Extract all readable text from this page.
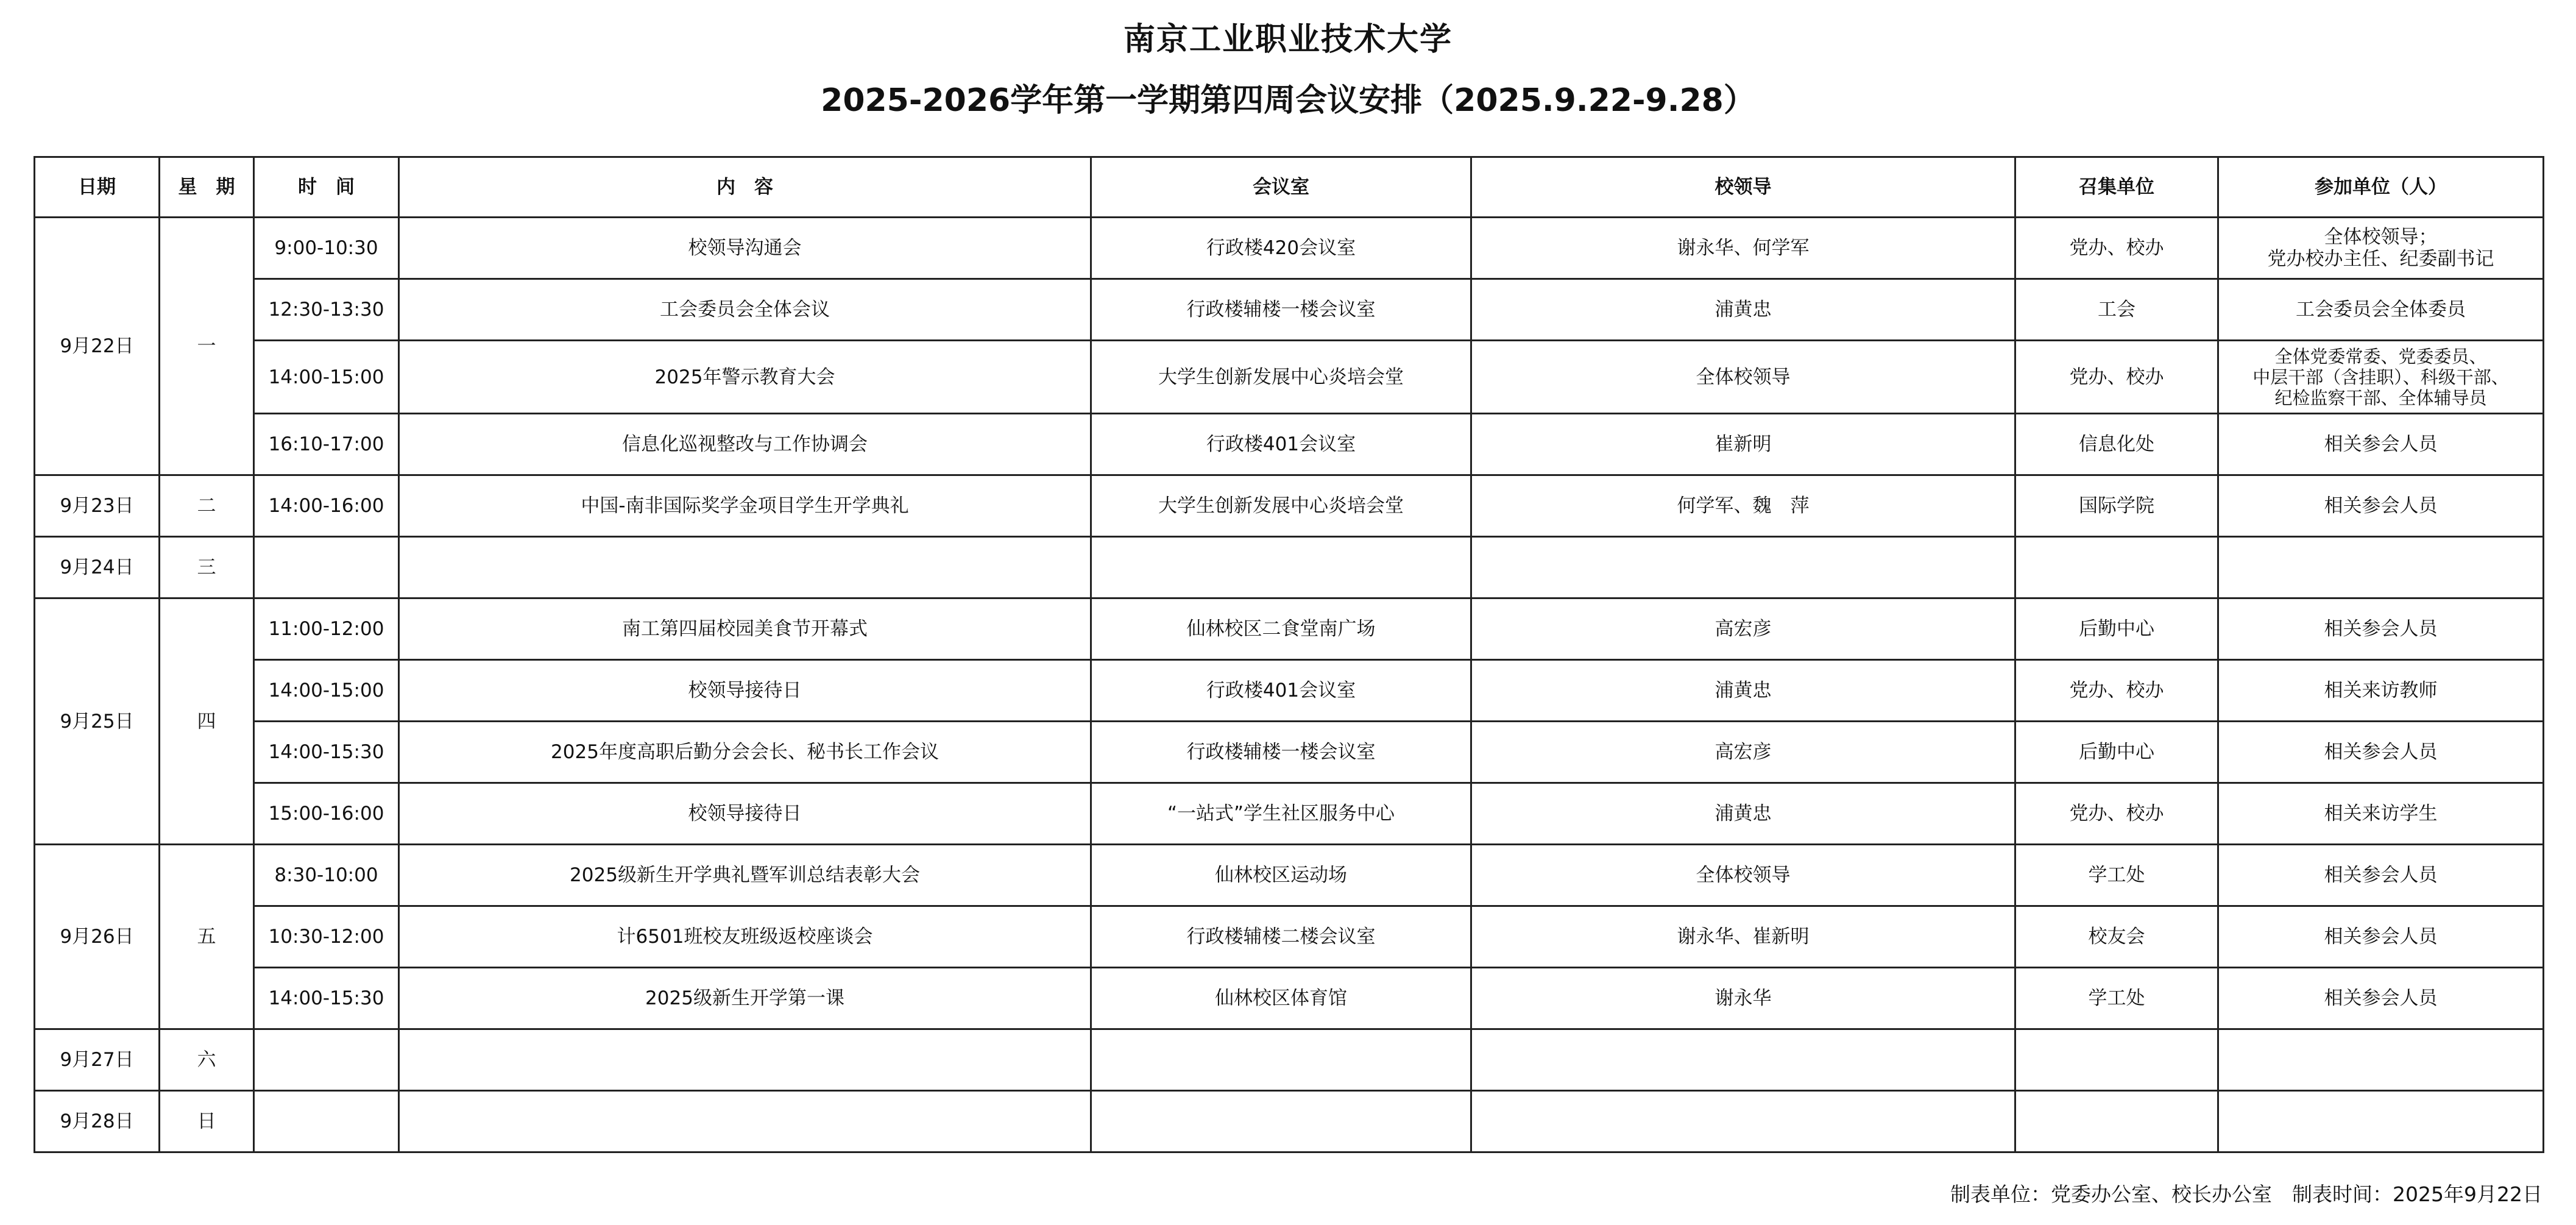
南京工业职业技术大学
2025-2026学年第一学期第四周会议安排（2025.9.22-9.28）
日期	星　期	时　间	内　容	会议室	校领导	召集单位	参加单位（人）
9月22日	一	9:00-10:30	校领导沟通会	行政楼420会议室	谢永华、何学军	党办、校办	全体校领导；
党办校办主任、纪委副书记
		12:30-13:30	工会委员会全体会议	行政楼辅楼一楼会议室	浦黄忠	工会	工会委员会全体委员
		14:00-15:00	2025年警示教育大会	大学生创新发展中心炎培会堂	全体校领导	党办、校办	全体党委常委、党委委员、
中层干部（含挂职）、科级干部、
纪检监察干部、全体辅导员
		16:10-17:00	信息化巡视整改与工作协调会	行政楼401会议室	崔新明	信息化处	相关参会人员
9月23日	二	14:00-16:00	中国-南非国际奖学金项目学生开学典礼	大学生创新发展中心炎培会堂	何学军、魏　萍	国际学院	相关参会人员
9月24日	三						
9月25日	四	11:00-12:00	南工第四届校园美食节开幕式	仙林校区二食堂南广场	高宏彦	后勤中心	相关参会人员
		14:00-15:00	校领导接待日	行政楼401会议室	浦黄忠	党办、校办	相关来访教师
		14:00-15:30	2025年度高职后勤分会会长、秘书长工作会议	行政楼辅楼一楼会议室	高宏彦	后勤中心	相关参会人员
		15:00-16:00	校领导接待日	“一站式”学生社区服务中心	浦黄忠	党办、校办	相关来访学生
9月26日	五	8:30-10:00	2025级新生开学典礼暨军训总结表彰大会	仙林校区运动场	全体校领导	学工处	相关参会人员
		10:30-12:00	计6501班校友班级返校座谈会	行政楼辅楼二楼会议室	谢永华、崔新明	校友会	相关参会人员
		14:00-15:30	2025级新生开学第一课	仙林校区体育馆	谢永华	学工处	相关参会人员
9月27日	六						
9月28日	日						
制表单位：党委办公室、校长办公室　制表时间：2025年9月22日
